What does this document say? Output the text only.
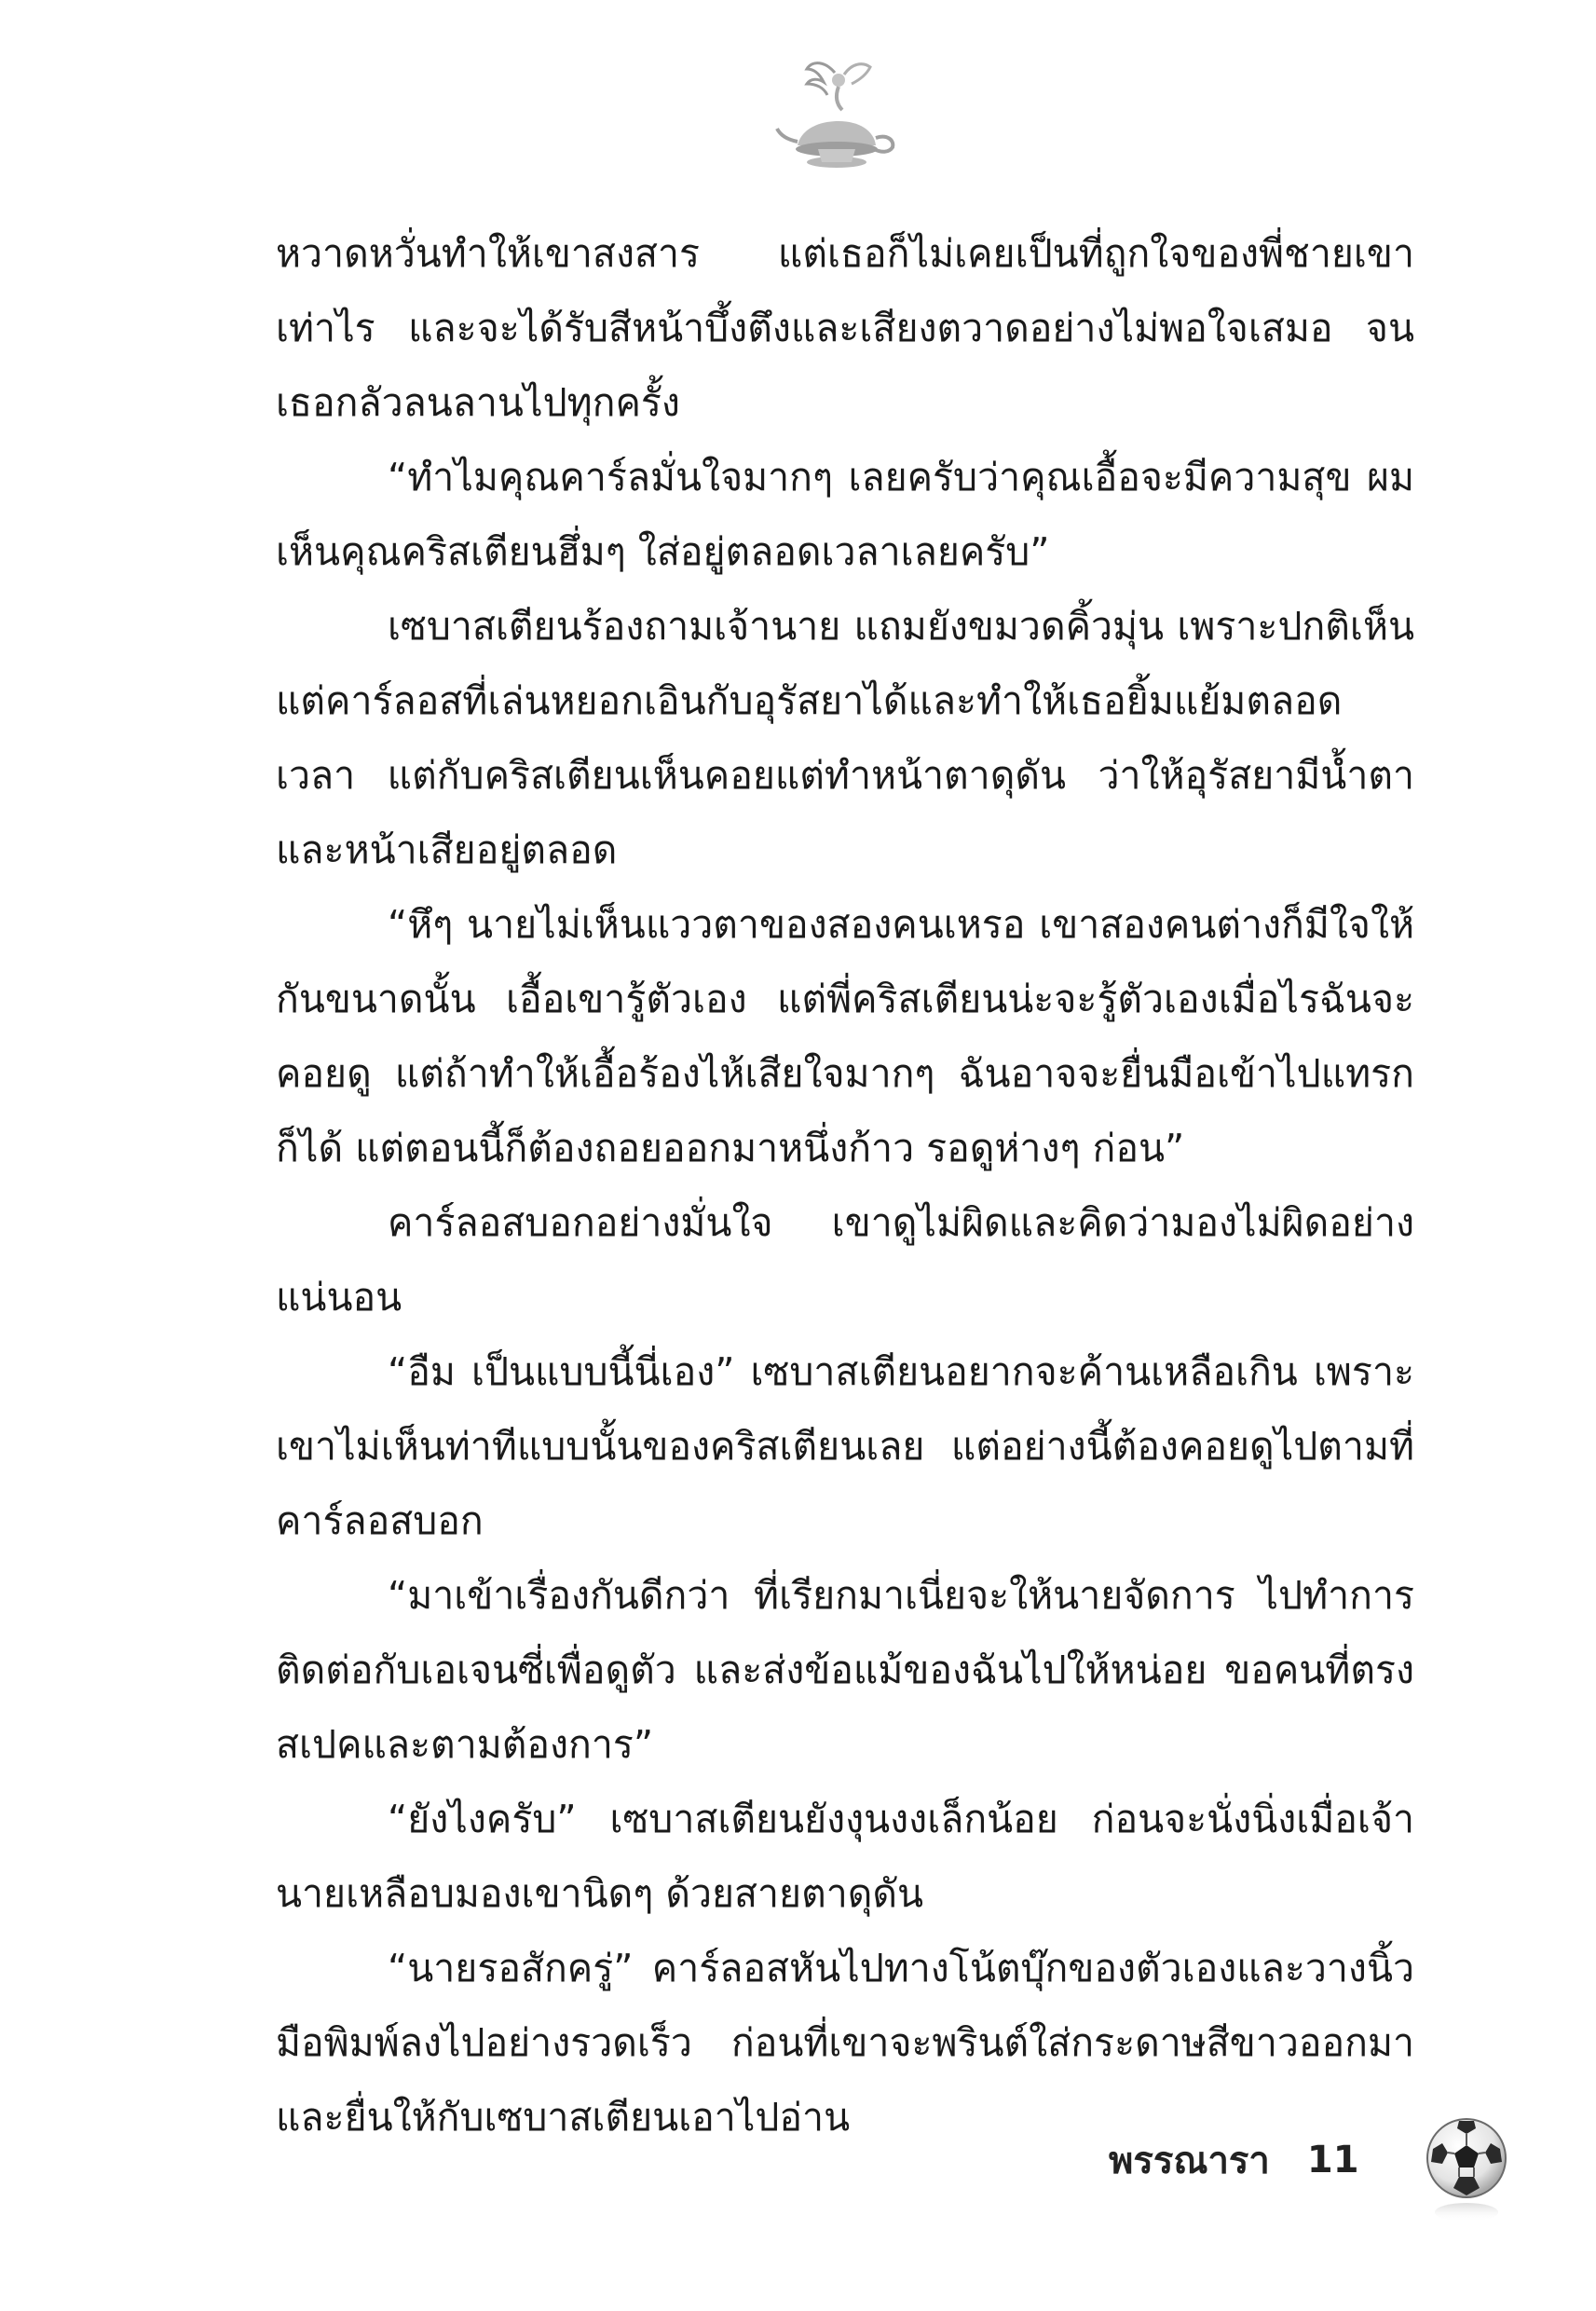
หวาดหวั่นทำให้เขาสงสาร แต่เธอก็ไม่เคยเป็นที่ถูกใจของพี่ชายเขาเท่าไร และจะได้รับสีหน้าบึ้งตึงและเสียงตวาดอย่างไม่พอใจเสมอ จนเธอกลัวลนลานไปทุกครั้ง

“ทำไมคุณคาร์ลมั่นใจมากๆ เลยครับว่าคุณเอื้อจะมีความสุข ผมเห็นคุณคริสเตียนฮึ่มๆ ใส่อยู่ตลอดเวลาเลยครับ”

เซบาสเตียนร้องถามเจ้านาย แถมยังขมวดคิ้วมุ่น เพราะปกติเห็นแต่คาร์ลอสที่เล่นหยอกเอินกับอุรัสยาได้และทำให้เธอยิ้มแย้มตลอดเวลา แต่กับคริสเตียนเห็นคอยแต่ทำหน้าตาดุดัน ว่าให้อุรัสยามีน้ำตาและหน้าเสียอยู่ตลอด

“หึๆ นายไม่เห็นแววตาของสองคนเหรอ เขาสองคนต่างก็มีใจให้กันขนาดนั้น เอื้อเขารู้ตัวเอง แต่พี่คริสเตียนน่ะจะรู้ตัวเองเมื่อไรฉันจะคอยดู แต่ถ้าทำให้เอื้อร้องไห้เสียใจมากๆ ฉันอาจจะยื่นมือเข้าไปแทรกก็ได้ แต่ตอนนี้ก็ต้องถอยออกมาหนึ่งก้าว รอดูห่างๆ ก่อน”

คาร์ลอสบอกอย่างมั่นใจ เขาดูไม่ผิดและคิดว่ามองไม่ผิดอย่างแน่นอน

“อืม เป็นแบบนี้นี่เอง” เซบาสเตียนอยากจะค้านเหลือเกิน เพราะเขาไม่เห็นท่าทีแบบนั้นของคริสเตียนเลย แต่อย่างนี้ต้องคอยดูไปตามที่คาร์ลอสบอก

“มาเข้าเรื่องกันดีกว่า ที่เรียกมาเนี่ยจะให้นายจัดการ ไปทำการติดต่อกับเอเจนซี่เพื่อดูตัว และส่งข้อแม้ของฉันไปให้หน่อย ขอคนที่ตรงสเปคและตามต้องการ”

“ยังไงครับ” เซบาสเตียนยังงุนงงเล็กน้อย ก่อนจะนั่งนิ่งเมื่อเจ้านายเหลือบมองเขานิดๆ ด้วยสายตาดุดัน

“นายรอสักครู่” คาร์ลอสหันไปทางโน้ตบุ๊กของตัวเองและวางนิ้วมือพิมพ์ลงไปอย่างรวดเร็ว ก่อนที่เขาจะพรินต์ใส่กระดาษสีขาวออกมาและยื่นให้กับเซบาสเตียนเอาไปอ่าน

พรรณารา 11
